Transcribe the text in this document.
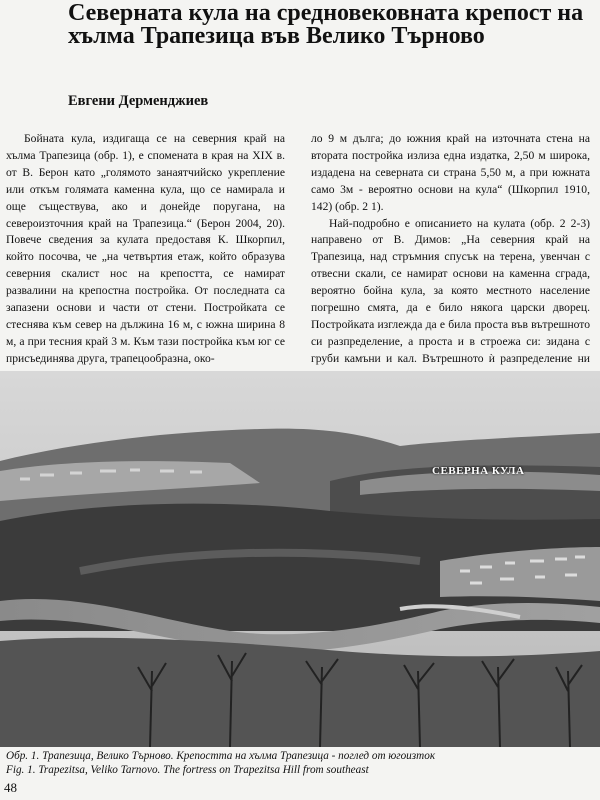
Северната кула на средновековната крепост на хълма Трапезица във Велико Търново
Евгени Дерменджиев

Бойната кула, издигаща се на северния край на хълма Трапезица (обр. 1), е спомената в края на XIX в. от В. Берон като „голямото занаятчийско укрепление или откъм голямата каменна кула, що се намирала и още съществува, ако и донейде поругана, на североизточния край на Трапезица.“ (Берон 2004, 20). Повече сведения за кулата предоставя К. Шкорпил, който посочва, че „на четвъртия етаж, който образува северния скалист нос на крепостта, се намират развалини на крепостна постройка. От последната са запазени основи и части от стени. Постройката се стеснява към север на дължина 16 м, с южна ширина 8 м, а при тесния край 3 м. Към тази постройка към юг се присъединява друга, трапецообразна, око-

ло 9 м дълга; до южния край на източната стена на втората постройка излиза една издатка, 2,50 м широка, издадена на северната си страна 5,50 м, а при южната само 3м - вероятно основи на кула“ (Шкорпил 1910, 142) (обр. 2 1).

Най-подробно е описанието на кулата (обр. 2 2-3) направено от В. Димов: „На северния край на Трапезица, над стръмния спусък на терена, увенчан с отвесни скали, се намират основи на каменна сграда, вероятно бойна кула, за която местното население погрешно смята, да е било някога царски дворец. Постройката изглежда да е била проста във вътрешното си разпределение, а проста и в строежа си: зидана с груби камъни и кал. Вътрешното ѝ разпределение ни

СЕВЕРНА КУЛА
Обр. 1. Трапезица, Велико Търново. Крепостта на хълма Трапезица - поглед от югоизток
Fig. 1. Trapezitsa, Veliko Tarnovo. The fortress on Trapezitsa Hill from southeast
48
